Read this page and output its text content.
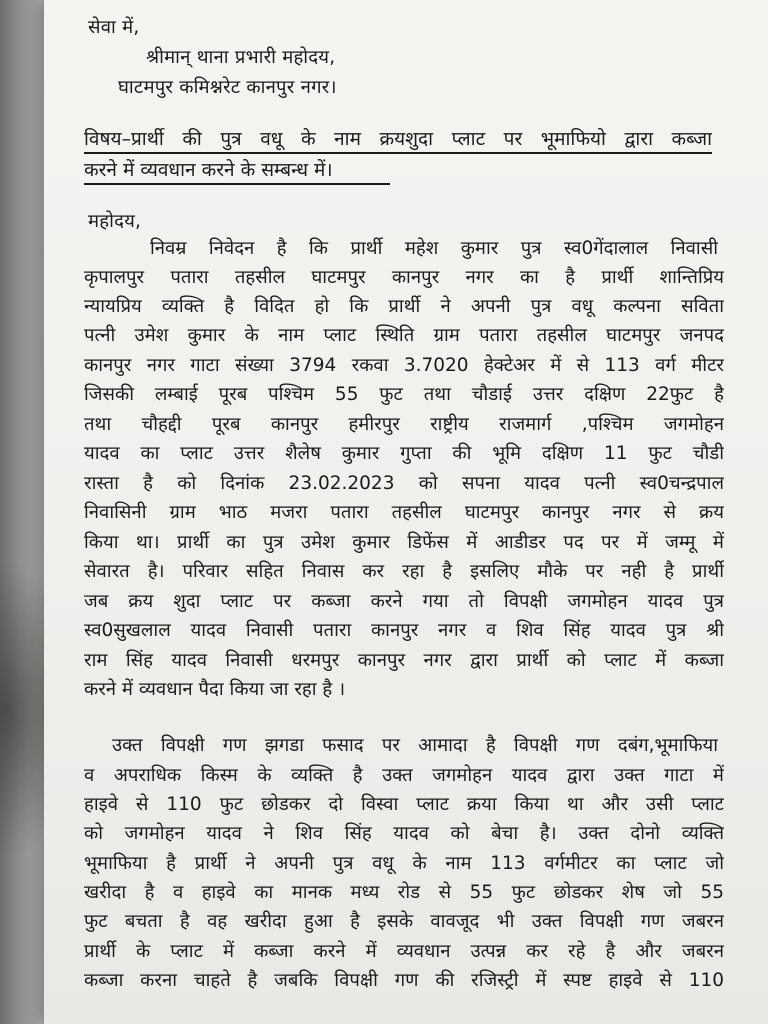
सेवा में,
श्रीमान् थाना प्रभारी महोदय,
घाटमपुर कमिश्नरेट कानपुर नगर।
विषय–प्रार्थी की पुत्र वधू के नाम क्रयशुदा प्लाट पर भूमाफियो द्वारा कब्जा
करने में व्यवधान करने के सम्बन्ध में।
महोदय,
निवम्र निवेदन है कि प्रार्थी महेश कुमार पुत्र स्व0गेंदालाल निवासी
कृपालपुर पतारा तहसील घाटमपुर कानपुर नगर का है प्रार्थी शान्तिप्रिय
न्यायप्रिय व्यक्ति है विदित हो कि प्रार्थी ने अपनी पुत्र वधू कल्पना सविता
पत्नी उमेश कुमार के नाम प्लाट स्थिति ग्राम पतारा तहसील घाटमपुर जनपद
कानपुर नगर गाटा संख्या 3794 रकवा 3.7020 हेक्टेअर में से 113 वर्ग मीटर
जिसकी लम्बाई पूरब पश्चिम 55 फुट तथा चौडाई उत्तर दक्षिण 22फुट है
तथा चौहद्दी पूरब कानपुर हमीरपुर राष्ट्रीय राजमार्ग ,पश्चिम जगमोहन
यादव का प्लाट उत्तर शैलेष कुमार गुप्ता की भूमि दक्षिण 11 फुट चौडी
रास्ता है को दिनांक 23.02.2023 को सपना यादव पत्नी स्व0चन्द्रपाल
निवासिनी ग्राम भाठ मजरा पतारा तहसील घाटमपुर कानपुर नगर से क्रय
किया था। प्रार्थी का पुत्र उमेश कुमार डिफेंस में आडीडर पद पर में जम्मू में
सेवारत है। परिवार सहित निवास कर रहा है इसलिए मौके पर नही है प्रार्थी
जब क्रय शुदा प्लाट पर कब्जा करने गया तो विपक्षी जगमोहन यादव पुत्र
स्व0सुखलाल यादव निवासी पतारा कानपुर नगर व शिव सिंह यादव पुत्र श्री
राम सिंह यादव निवासी धरमपुर कानपुर नगर द्वारा प्रार्थी को प्लाट में कब्जा
करने में व्यवधान पैदा किया जा रहा है ।
उक्त विपक्षी गण झगडा फसाद पर आमादा है विपक्षी गण दबंग,भूमाफिया
व अपराधिक किस्म के व्यक्ति है उक्त जगमोहन यादव द्वारा उक्त गाटा में
हाइवे से 110 फुट छोडकर दो विस्वा प्लाट क्रया किया था और उसी प्लाट
को जगमोहन यादव ने शिव सिंह यादव को बेचा है। उक्त दोनो व्यक्ति
भूमाफिया है प्रार्थी ने अपनी पुत्र वधू के नाम 113 वर्गमीटर का प्लाट जो
खरीदा है व हाइवे का मानक मध्य रोड से 55 फुट छोडकर शेष जो 55
फुट बचता है वह खरीदा हुआ है इसके वावजूद भी उक्त विपक्षी गण जबरन
प्रार्थी के प्लाट में कब्जा करने में व्यवधान उत्पन्न कर रहे है और जबरन
कब्जा करना चाहते है जबकि विपक्षी गण की रजिस्ट्री में स्पष्ट हाइवे से 110
